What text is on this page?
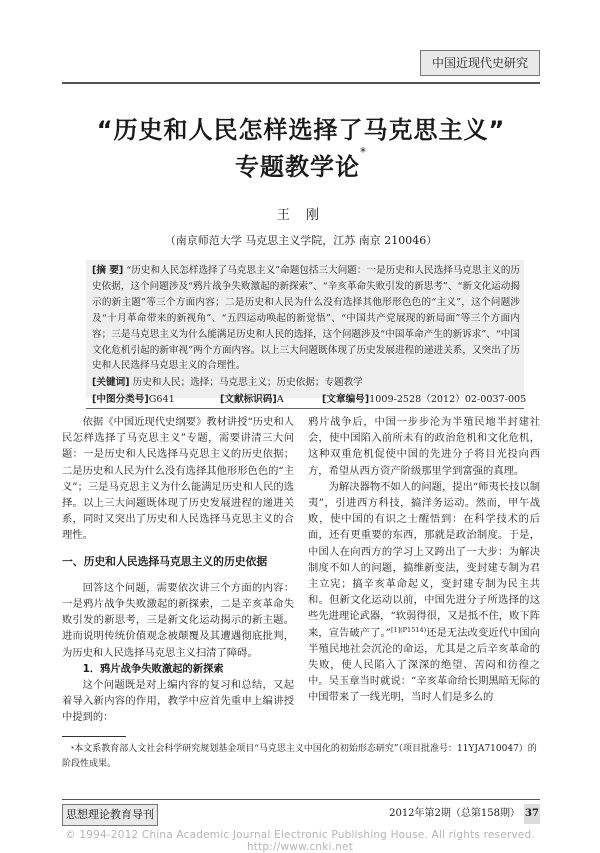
中国近现代史研究
“历史和人民怎样选择了马克思主义”
专题教学论*
王 刚
（南京师范大学 马克思主义学院，江苏 南京 210046）
[摘 要] “历史和人民怎样选择了马克思主义”命题包括三大问题：一是历史和人民选择马克思主义的历史依据，这个问题涉及“鸦片战争失败激起的新探索”、“辛亥革命失败引发的新思考”、“新文化运动揭示的新主题”等三个方面内容；二是历史和人民为什么没有选择其他形形色色的“主义”，这个问题涉及“十月革命带来的新视角”、“五四运动唤起的新觉悟”、“中国共产党展现的新局面”等三个方面内容；三是马克思主义为什么能满足历史和人民的选择，这个问题涉及“中国革命产生的新诉求”、“中国文化危机引起的新审视”两个方面内容。以上三大问题既体现了历史发展进程的递进关系，又突出了历史和人民选择马克思主义的合理性。
[关键词] 历史和人民；选择；马克思主义；历史依据；专题教学
[中图分类号]G641	[文献标识码]A	[文章编号]1009-2528（2012）02-0037-005

依据《中国近现代史纲要》教材讲授“历史和人民怎样选择了马克思主义”专题，需要讲清三大问题：一是历史和人民选择马克思主义的历史依据；二是历史和人民为什么没有选择其他形形色色的“主义”；三是马克思主义为什么能满足历史和人民的选择。以上三大问题既体现了历史发展进程的递进关系，同时又突出了历史和人民选择马克思主义的合理性。

一、历史和人民选择马克思主义的历史依据

回答这个问题，需要依次讲三个方面的内容：一是鸦片战争失败激起的新探索，二是辛亥革命失败引发的新思考，三是新文化运动揭示的新主题。进而说明传统价值观念被颠覆及其遭遇彻底批判，为历史和人民选择马克思主义扫清了障碍。

1．鸦片战争失败激起的新探索

这个问题既是对上编内容的复习和总结，又起着导入新内容的作用，教学中应首先重申上编讲授中提到的：

鸦片战争后，中国一步步沦为半殖民地半封建社会，使中国陷入前所未有的政治危机和文化危机，这种双重危机促使中国的先进分子将目光投向西方，希望从西方资产阶级那里学到富强的真理。

为解决器物不如人的问题，提出“师夷长技以制夷”，引进西方科技，搞洋务运动。然而，甲午战败，使中国的有识之士醒悟到：在科学技术的后面，还有更重要的东西，那就是政治制度。于是，中国人在向西方的学习上又跨出了一大步：为解决制度不如人的问题，搞维新变法，变封建专制为君主立宪；搞辛亥革命起义，变封建专制为民主共和。但新文化运动以前，中国先进分子所选择的这些先进理论武器，“软弱得很，又是抵不住，败下阵来，宣告破产了。”$^{[1](P1514)}$还是无法改变近代中国向半殖民地社会沉沦的命运，尤其是之后辛亥革命的失败，使人民陷入了深深的绝望、苦闷和彷徨之中。吴玉章当时就说：“辛亥革命给长期黑暗无际的中国带来了一线光明，当时人们是多么的

*本文系教育部人文社会科学研究规划基金项目“马克思主义中国化的初始形态研究”（项目批准号：11YJA710047）的阶段性成果。
思想理论教育导刊	2012年第2期（总第158期） 37
© 1994-2012 China Academic Journal Electronic Publishing House. All rights reserved. http://www.cnki.net
